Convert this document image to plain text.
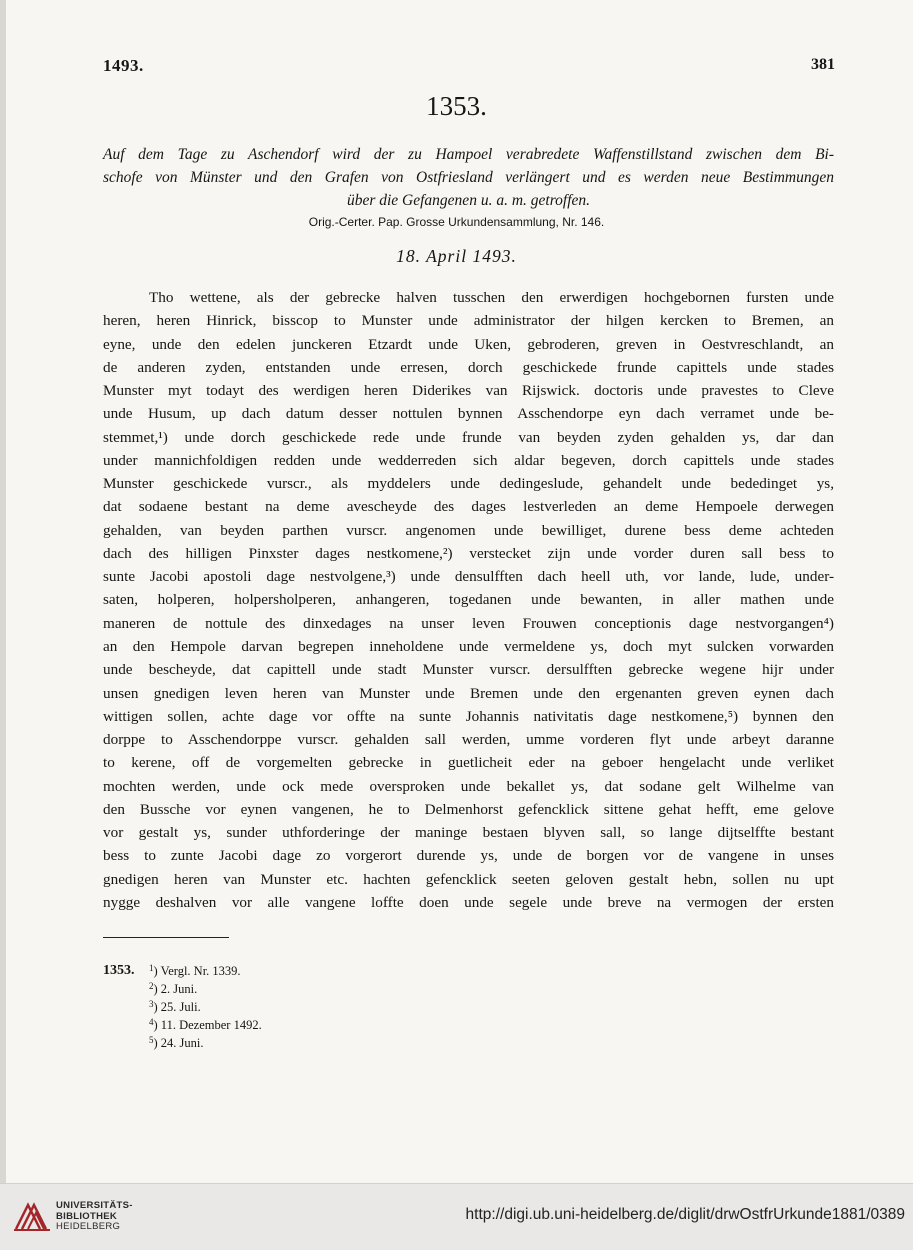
1493.	381
1353.
Auf dem Tage zu Aschendorf wird der zu Hampoel verabredete Waffenstillstand zwischen dem Bi-
schofe von Münster und den Grafen von Ostfriesland verlängert und es werden neue Bestimmungen
über die Gefangenen u. a. m. getroffen.
Orig.-Certer. Pap. Grosse Urkundensammlung, Nr. 146.
18. April 1493.
Tho wettene, als der gebrecke halven tusschen den erwerdigen hochgebornen fursten unde
heren, heren Hinrick, bisscop to Munster unde administrator der hilgen kercken to Bremen, an
eyne, unde den edelen junckeren Etzardt unde Uken, gebroderen, greven in Oestvreschlandt, an
de anderen zyden, entstanden unde erresen, dorch geschickede frunde capittels unde stades
Munster myt todayt des werdigen heren Diderikes van Rijswick. doctoris unde pravestes to Cleve
unde Husum, up dach datum desser nottulen bynnen Asschendorpe eyn dach verramet unde be-
stemmet,¹) unde dorch geschickede rede unde frunde van beyden zyden gehalden ys, dar dan
under mannichfoldigen redden unde wedderreden sich aldar begeven, dorch capittels unde stades
Munster geschickede vurscr., als myddelers unde dedingeslude, gehandelt unde bededinget ys,
dat sodaene bestant na deme avescheyde des dages lestverleden an deme Hempoele derwegen
gehalden, van beyden parthen vurscr. angenomen unde bewilliget, durene bess deme achteden
dach des hilligen Pinxster dages nestkomene,²) verstecket zijn unde vorder duren sall bess to
sunte Jacobi apostoli dage nestvolgene,³) unde densulfften dach heell uth, vor lande, lude, under-
saten, holperen, holpersholperen, anhangeren, togedanen unde bewanten, in aller mathen unde
maneren de nottule des dinxedages na unser leven Frouwen conceptionis dage nestvorgangen⁴)
an den Hempole darvan begrepen inneholdene unde vermeldene ys, doch myt sulcken vorwarden
unde bescheyde, dat capittell unde stadt Munster vurscr. dersulfften gebrecke wegene hijr under
unsen gnedigen leven heren van Munster unde Bremen unde den ergenanten greven eynen dach
wittigen sollen, achte dage vor offte na sunte Johannis nativitatis dage nestkomene,⁵) bynnen den
dorppe to Asschendorppe vurscr. gehalden sall werden, umme vorderen flyt unde arbeyt daranne
to kerene, off de vorgemelten gebrecke in guetlicheit eder na geboer hengelacht unde verliket
mochten werden, unde ock mede oversproken unde bekallet ys, dat sodane gelt Wilhelme van
den Bussche vor eynen vangenen, he to Delmenhorst gefencklick sittene gehat hefft, eme gelove
vor gestalt ys, sunder uthforderinge der maninge bestaen blyven sall, so lange dijtselffte bestant
bess to zunte Jacobi dage zo vorgerort durende ys, unde de borgen vor de vangene in unses
gnedigen heren van Munster etc. hachten gefencklick seeten geloven gestalt hebn, sollen nu upt
nygge deshalven vor alle vangene loffte doen unde segele unde breve na vermogen der ersten
1353. $^1$) Vergl. Nr. 1339.
$^2$) 2. Juni.
$^3$) 25. Juli.
$^4$) 11. Dezember 1492.
$^5$) 24. Juni.
UNIVERSITÄTS-
BIBLIOTHEK
HEIDELBERG
http://digi.ub.uni-heidelberg.de/diglit/drwOstfrUrkunde1881/0389
